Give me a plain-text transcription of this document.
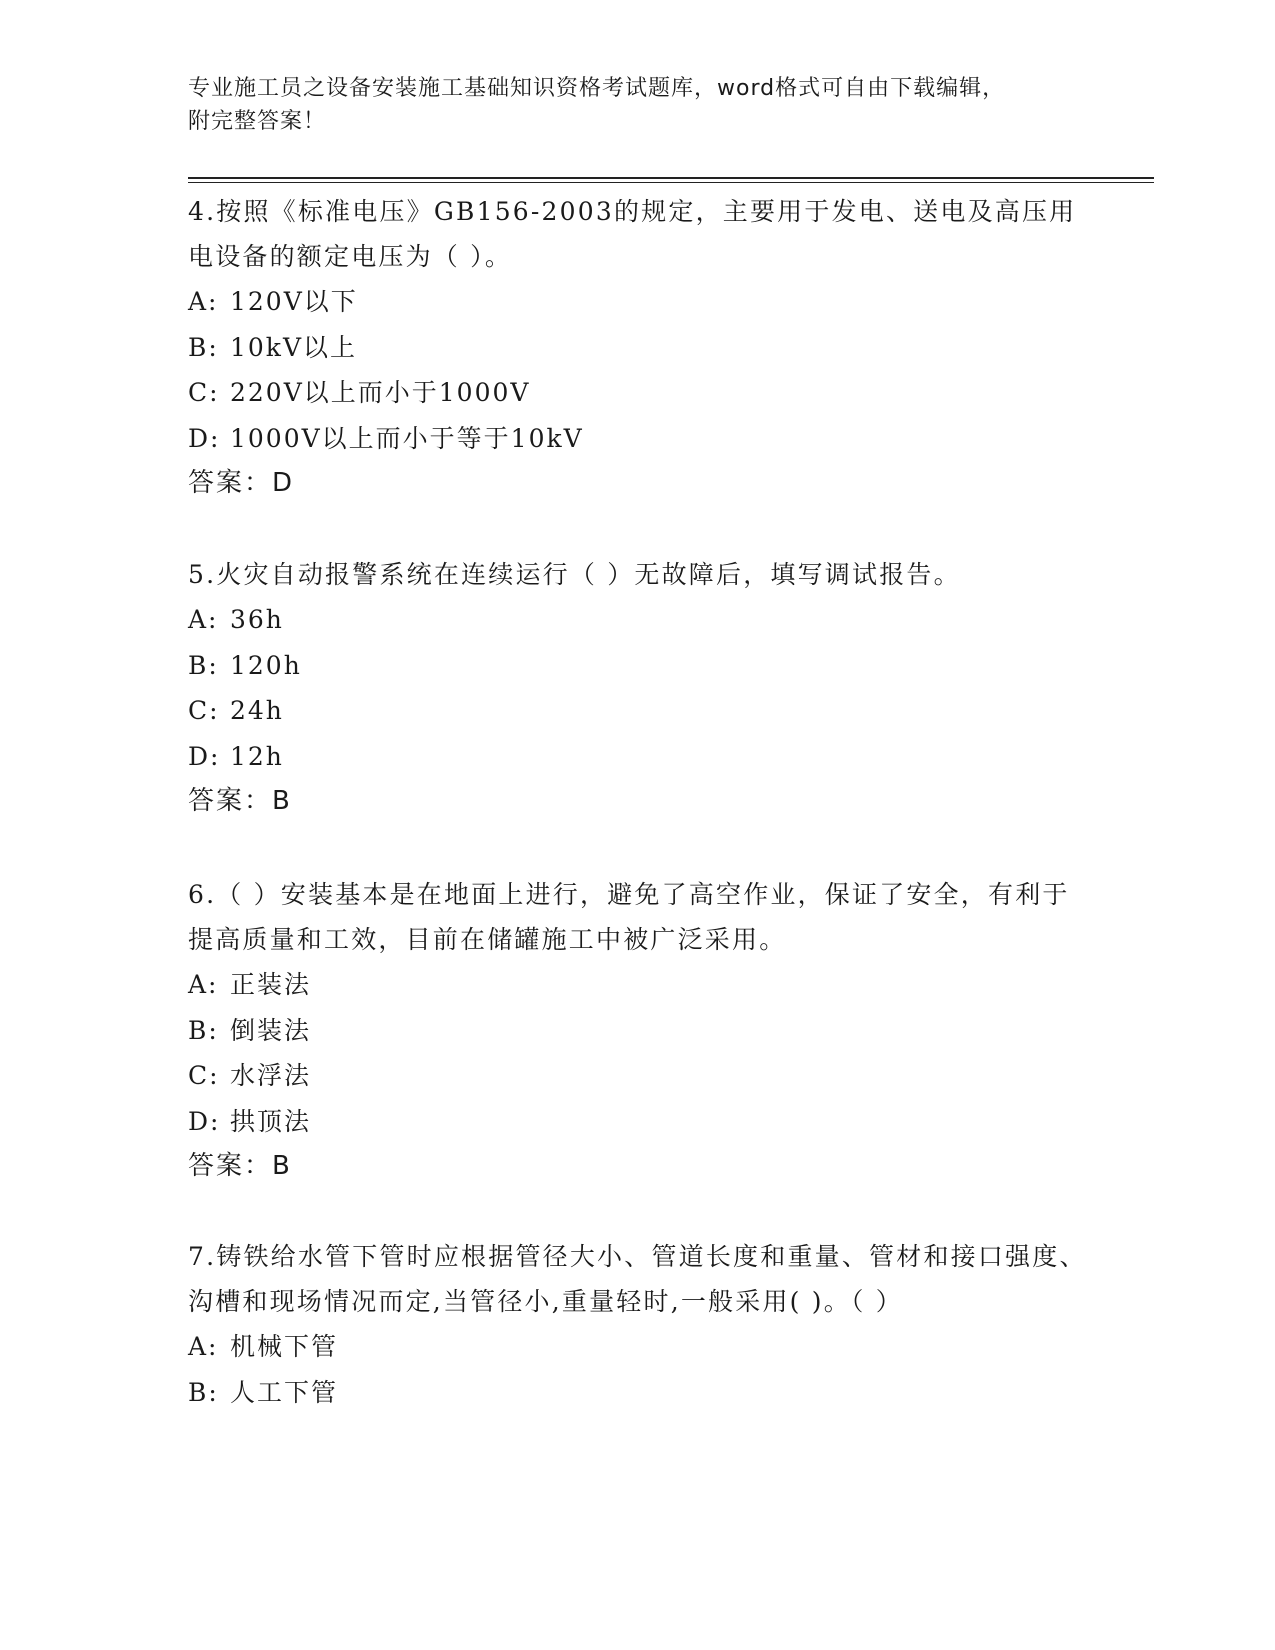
专业施工员之设备安装施工基础知识资格考试题库，word格式可自由下载编辑，
附完整答案！
4.按照《标准电压》GB156-2003的规定，主要用于发电、送电及高压用电设备的额定电压为（ ）。
A: 120V以下
B: 10kV以上
C: 220V以上而小于1000V
D: 1000V以上而小于等于10kV
答案：D
5.火灾自动报警系统在连续运行（ ）无故障后，填写调试报告。
A: 36h
B: 120h
C: 24h
D: 12h
答案：B
6.（ ）安装基本是在地面上进行，避免了高空作业，保证了安全，有利于提高质量和工效，目前在储罐施工中被广泛采用。
A: 正装法
B: 倒装法
C: 水浮法
D: 拱顶法
答案：B
7.铸铁给水管下管时应根据管径大小、管道长度和重量、管材和接口强度、沟槽和现场情况而定,当管径小,重量轻时,一般采用( )。（ ）
A: 机械下管
B: 人工下管
